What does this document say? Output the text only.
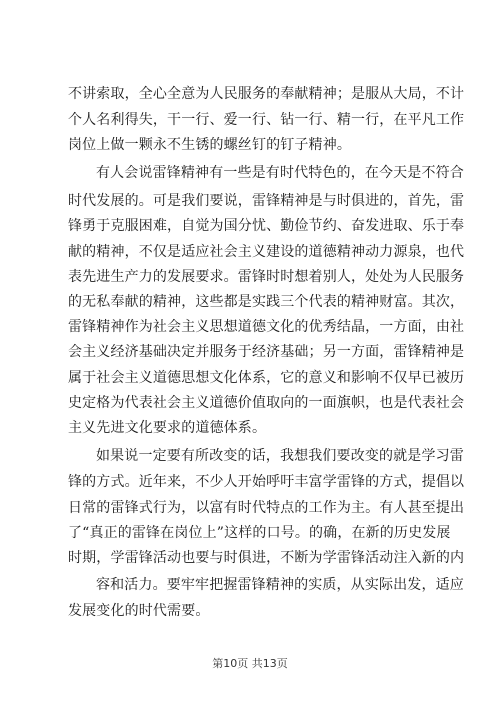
不讲索取，全心全意为人民服务的奉献精神；是服从大局，不计
个人名利得失，干一行、爱一行、钻一行、精一行，在平凡工作
岗位上做一颗永不生锈的螺丝钉的钉子精神。
有人会说雷锋精神有一些是有时代特色的，在今天是不符合
时代发展的。可是我们要说，雷锋精神是与时俱进的，首先，雷
锋勇于克服困难，自觉为国分忧、勤俭节约、奋发进取、乐于奉
献的精神，不仅是适应社会主义建设的道德精神动力源泉，也代
表先进生产力的发展要求。雷锋时时想着别人，处处为人民服务
的无私奉献的精神，这些都是实践三个代表的精神财富。其次，
雷锋精神作为社会主义思想道德文化的优秀结晶，一方面，由社
会主义经济基础决定并服务于经济基础；另一方面，雷锋精神是
属于社会主义道德思想文化体系，它的意义和影响不仅早已被历
史定格为代表社会主义道德价值取向的一面旗帜，也是代表社会
主义先进文化要求的道德体系。
如果说一定要有所改变的话，我想我们要改变的就是学习雷
锋的方式。近年来，不少人开始呼吁丰富学雷锋的方式，提倡以
日常的雷锋式行为，以富有时代特点的工作为主。有人甚至提出
了“真正的雷锋在岗位上”这样的口号。的确，在新的历史发展
时期，学雷锋活动也要与时俱进，不断为学雷锋活动注入新的内
容和活力。要牢牢把握雷锋精神的实质，从实际出发，适应
发展变化的时代需要。
第10页 共13页
